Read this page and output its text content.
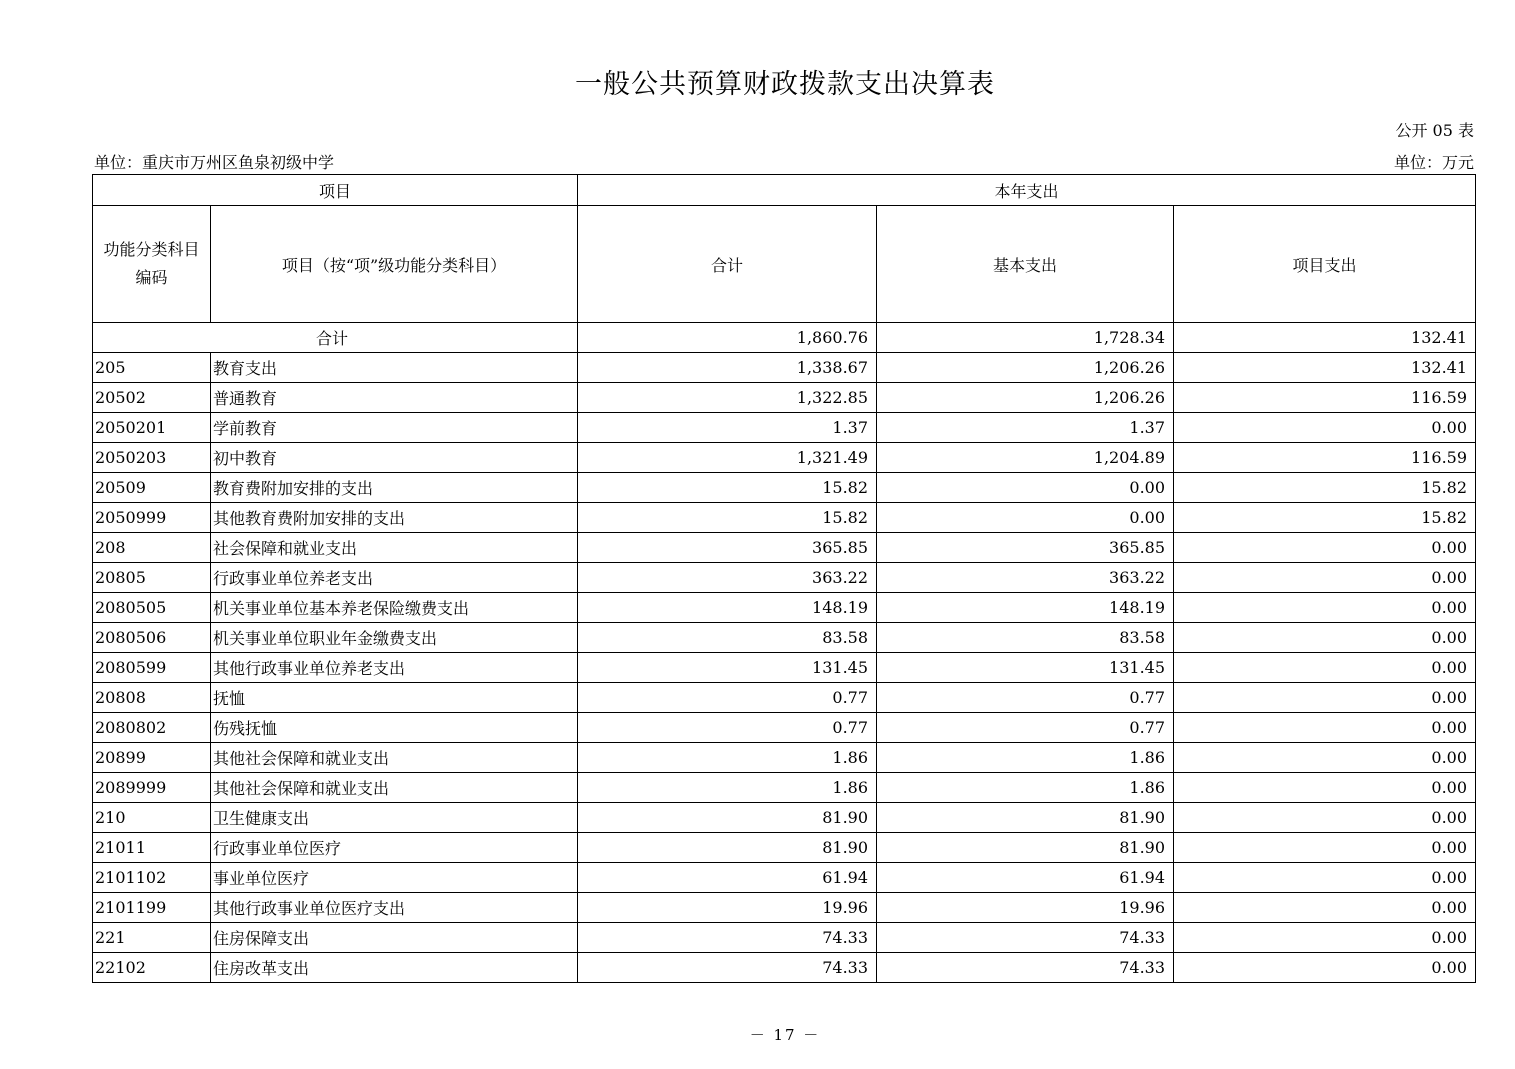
一般公共预算财政拨款支出决算表
公开 05 表
单位：重庆市万州区鱼泉初级中学	单位：万元
项目		本年支出		
功能分类科目编码	项目（按“项”级功能分类科目）	合计	基本支出	项目支出
合计		1,860.76	1,728.34	132.41
205	教育支出	1,338.67	1,206.26	132.41
20502	普通教育	1,322.85	1,206.26	116.59
2050201	学前教育	1.37	1.37	0.00
2050203	初中教育	1,321.49	1,204.89	116.59
20509	教育费附加安排的支出	15.82	0.00	15.82
2050999	其他教育费附加安排的支出	15.82	0.00	15.82
208	社会保障和就业支出	365.85	365.85	0.00
20805	行政事业单位养老支出	363.22	363.22	0.00
2080505	机关事业单位基本养老保险缴费支出	148.19	148.19	0.00
2080506	机关事业单位职业年金缴费支出	83.58	83.58	0.00
2080599	其他行政事业单位养老支出	131.45	131.45	0.00
20808	抚恤	0.77	0.77	0.00
2080802	伤残抚恤	0.77	0.77	0.00
20899	其他社会保障和就业支出	1.86	1.86	0.00
2089999	其他社会保障和就业支出	1.86	1.86	0.00
210	卫生健康支出	81.90	81.90	0.00
21011	行政事业单位医疗	81.90	81.90	0.00
2101102	事业单位医疗	61.94	61.94	0.00
2101199	其他行政事业单位医疗支出	19.96	19.96	0.00
221	住房保障支出	74.33	74.33	0.00
22102	住房改革支出	74.33	74.33	0.00
－ 17 －
